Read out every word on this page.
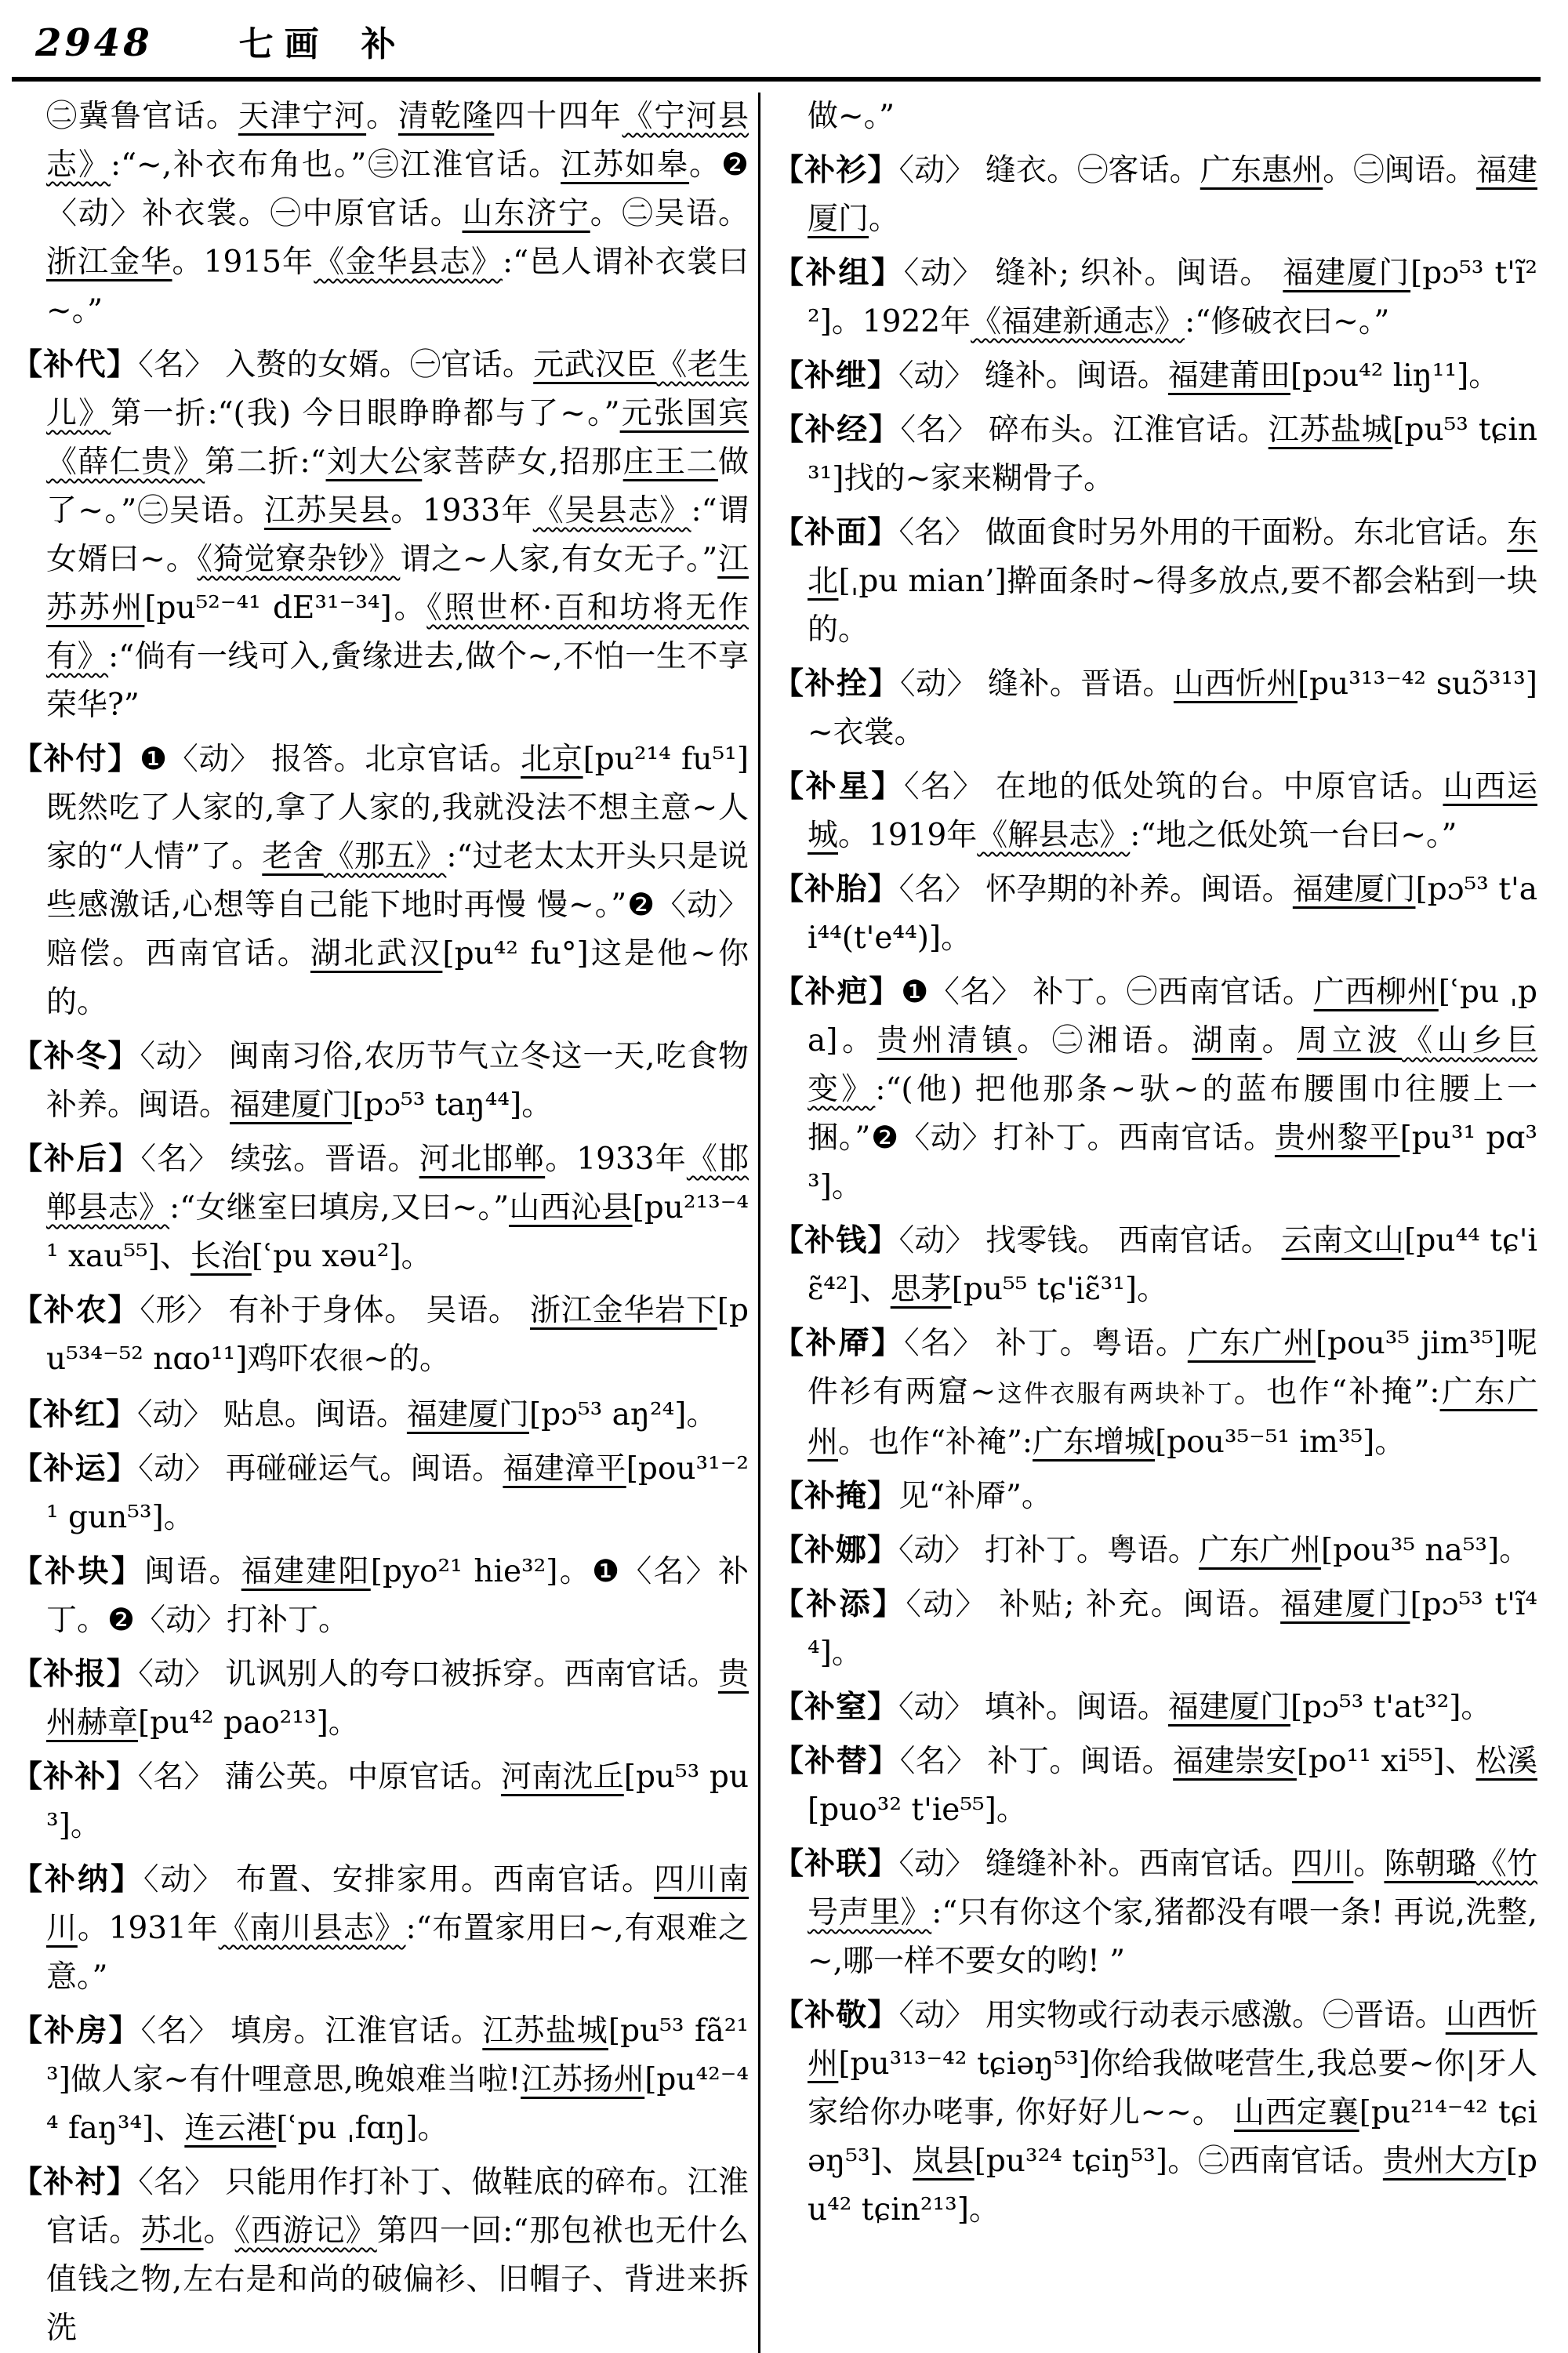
2948	七画 补

㊁冀鲁官话。天津宁河。清乾隆四十四年《宁河县志》:“~,补衣布角也。”㊂江淮官话。江苏如皋。❷〈动〉补衣裳。㊀中原官话。山东济宁。㊁吴语。浙江金华。1915年《金华县志》:“邑人谓补衣裳曰~。”

【补代】〈名〉 入赘的女婿。㊀官话。元武汉臣《老生儿》第一折:“(我) 今日眼睁睁都与了~。”元张国宾《薛仁贵》第二折:“刘大公家菩萨女,招那庄王二做了~。”㊁吴语。江苏吴县。1933年《吴县志》:“谓女婿曰~。《猗觉寮杂钞》谓之~人家,有女无子。”江苏苏州[pu⁵²⁻⁴¹ dE³¹⁻³⁴]。《照世杯·百和坊将无作有》:“倘有一线可入,夤缘进去,做个~,不怕一生不享荣华?”

【补付】❶〈动〉 报答。北京官话。北京[pu²¹⁴ fu⁵¹]既然吃了人家的,拿了人家的,我就没法不想主意~人家的“人情”了。老舍《那五》:“过老太太开头只是说些感激话,心想等自己能下地时再慢 慢~。”❷〈动〉赔偿。西南官话。湖北武汉[pu⁴² fu°]这是他~你的。

【补冬】〈动〉 闽南习俗,农历节气立冬这一天,吃食物补养。闽语。福建厦门[pɔ⁵³ taŋ⁴⁴]。

【补后】〈名〉 续弦。晋语。河北邯郸。1933年《邯郸县志》:“女继室曰填房,又曰~。”山西沁县[pu²¹³⁻⁴¹ xau⁵⁵]、长治[ʿpu xəu²]。

【补农】〈形〉 有补于身体。 吴语。 浙江金华岩下[pu⁵³⁴⁻⁵² nɑo¹¹]鸡吓农很~的。

【补红】〈动〉 贴息。闽语。福建厦门[pɔ⁵³ aŋ²⁴]。

【补运】〈动〉 再碰碰运气。闽语。福建漳平[pou³¹⁻²¹ gun⁵³]。

【补块】闽语。福建建阳[pyo²¹ hie³²]。❶〈名〉补丁。❷〈动〉打补丁。

【补报】〈动〉 讥讽别人的夸口被拆穿。西南官话。贵州赫章[pu⁴² pao²¹³]。

【补补】〈名〉 蒲公英。中原官话。河南沈丘[pu⁵³ pu³]。

【补纳】〈动〉 布置、安排家用。西南官话。四川南川。1931年《南川县志》:“布置家用曰~,有艰难之意。”

【补房】〈名〉 填房。江淮官话。江苏盐城[pu⁵³ fã²¹³]做人家~有什哩意思,晚娘难当啦!江苏扬州[pu⁴²⁻⁴⁴ faŋ³⁴]、连云港[ʿpu ˌfɑŋ]。

【补衬】〈名〉 只能用作打补丁、做鞋底的碎布。江淮官话。苏北。《西游记》第四一回:“那包袱也无什么值钱之物,左右是和尚的破偏衫、旧帽子、背进来拆洗

做~。”

【补衫】〈动〉 缝衣。㊀客话。广东惠州。㊁闽语。福建厦门。

【补组】〈动〉 缝补; 织补。闽语。 福建厦门[pɔ⁵³ t'ĩ²²]。1922年《福建新通志》:“修破衣曰~。”

【补绁】〈动〉 缝补。闽语。福建莆田[pɔu⁴² liŋ¹¹]。

【补经】〈名〉 碎布头。江淮官话。江苏盐城[pu⁵³ tɕin³¹]找的~家来糊骨子。

【补面】〈名〉 做面食时另外用的干面粉。东北官话。东北[ˌpu mian’]擀面条时~得多放点,要不都会粘到一块的。

【补拴】〈动〉 缝补。晋语。山西忻州[pu³¹³⁻⁴² suɔ̃³¹³]~衣裳。

【补星】〈名〉 在地的低处筑的台。中原官话。山西运城。1919年《解县志》:“地之低处筑一台曰~。”

【补胎】〈名〉 怀孕期的补养。闽语。福建厦门[pɔ⁵³ t'ai⁴⁴(t'e⁴⁴)]。

【补疤】❶〈名〉 补丁。㊀西南官话。广西柳州[ʿpu ˌpa]。贵州清镇。㊁湘语。湖南。周立波《山乡巨变》:“(他) 把他那条~驮~的蓝布腰围巾往腰上一捆。”❷〈动〉打补丁。西南官话。贵州黎平[pu³¹ pɑ³³]。

【补钱】〈动〉 找零钱。 西南官话。 云南文山[pu⁴⁴ tɕ'iɛ̃⁴²]、思茅[pu⁵⁵ tɕ'iɛ̃³¹]。

【补厣】〈名〉 补丁。粤语。广东广州[pou³⁵ jim³⁵]呢件衫有两窟~这件衣服有两块补丁。也作“补掩”:广东广州。也作“补裺”:广东增城[pou³⁵⁻⁵¹ im³⁵]。

【补掩】见“补厣”。

【补娜】〈动〉 打补丁。粤语。广东广州[pou³⁵ na⁵³]。

【补添】〈动〉 补贴; 补充。闽语。福建厦门[pɔ⁵³ t'ĩ⁴⁴]。

【补窒】〈动〉 填补。闽语。福建厦门[pɔ⁵³ t'at³²]。

【补替】〈名〉 补丁。闽语。福建崇安[po¹¹ xi⁵⁵]、松溪[puo³² t'ie⁵⁵]。

【补联】〈动〉 缝缝补补。西南官话。四川。陈朝璐《竹号声里》:“只有你这个家,猪都没有喂一条! 再说,洗整,~,哪一样不要女的哟! ”

【补敬】〈动〉 用实物或行动表示感激。㊀晋语。山西忻州[pu³¹³⁻⁴² tɕiəŋ⁵³]你给我做咾营生,我总要~你|牙人家给你办咾事, 你好好儿~~。 山西定襄[pu²¹⁴⁻⁴² tɕiəŋ⁵³]、岚县[pu³²⁴ tɕiŋ⁵³]。㊁西南官话。贵州大方[pu⁴² tɕin²¹³]。
